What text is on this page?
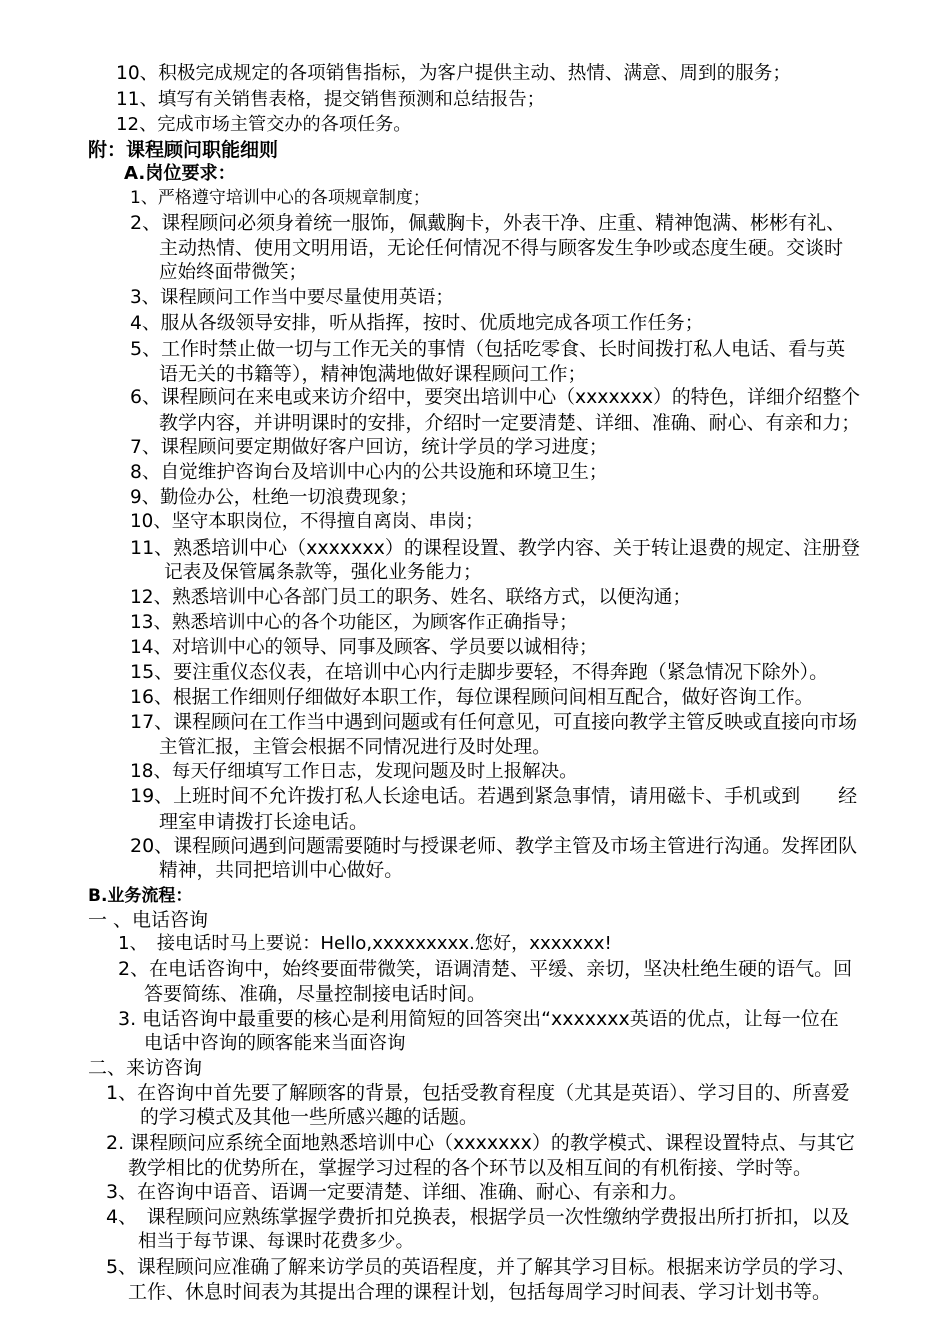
10、积极完成规定的各项销售指标，为客户提供主动、热情、满意、周到的服务；
11、填写有关销售表格，提交销售预测和总结报告；
12、完成市场主管交办的各项任务。
附：课程顾问职能细则
A.岗位要求：
1、严格遵守培训中心的各项规章制度；
2、课程顾问必须身着统一服饰，佩戴胸卡，外表干净、庄重、精神饱满、彬彬有礼、
主动热情、使用文明用语，无论任何情况不得与顾客发生争吵或态度生硬。交谈时
应始终面带微笑；
3、课程顾问工作当中要尽量使用英语；
4、服从各级领导安排，听从指挥，按时、优质地完成各项工作任务；
5、工作时禁止做一切与工作无关的事情（包括吃零食、长时间拨打私人电话、看与英
语无关的书籍等），精神饱满地做好课程顾问工作；
6、课程顾问在来电或来访介绍中，要突出培训中心（xxxxxxx）的特色，详细介绍整个
教学内容，并讲明课时的安排，介绍时一定要清楚、详细、准确、耐心、有亲和力；
7、课程顾问要定期做好客户回访，统计学员的学习进度；
8、自觉维护咨询台及培训中心内的公共设施和环境卫生；
9、勤俭办公，杜绝一切浪费现象；
10、坚守本职岗位，不得擅自离岗、串岗；
11、熟悉培训中心（xxxxxxx）的课程设置、教学内容、关于转让退费的规定、注册登
记表及保管属条款等，强化业务能力；
12、熟悉培训中心各部门员工的职务、姓名、联络方式，以便沟通；
13、熟悉培训中心的各个功能区，为顾客作正确指导；
14、对培训中心的领导、同事及顾客、学员要以诚相待；
15、要注重仪态仪表，在培训中心内行走脚步要轻，不得奔跑（紧急情况下除外）。
16、根据工作细则仔细做好本职工作，每位课程顾问间相互配合，做好咨询工作。
17、课程顾问在工作当中遇到问题或有任何意见，可直接向教学主管反映或直接向市场
主管汇报，主管会根据不同情况进行及时处理。
18、每天仔细填写工作日志，发现问题及时上报解决。
19、上班时间不允许拨打私人长途电话。若遇到紧急事情，请用磁卡、手机或到　　经
理室申请拨打长途电话。
20、课程顾问遇到问题需要随时与授课老师、教学主管及市场主管进行沟通。发挥团队
精神，共同把培训中心做好。
B.业务流程：
一 、电话咨询
1、　接电话时马上要说：Hello,xxxxxxxxx.您好，xxxxxxx!
2、在电话咨询中，始终要面带微笑，语调清楚、平缓、亲切，坚决杜绝生硬的语气。回
答要简练、准确，尽量控制接电话时间。
3. 电话咨询中最重要的核心是利用简短的回答突出“xxxxxxx英语的优点，让每一位在
电话中咨询的顾客能来当面咨询
二、来访咨询
1、在咨询中首先要了解顾客的背景，包括受教育程度（尤其是英语）、学习目的、所喜爱
的学习模式及其他一些所感兴趣的话题。
2. 课程顾问应系统全面地熟悉培训中心（xxxxxxx）的教学模式、课程设置特点、与其它
教学相比的优势所在，掌握学习过程的各个环节以及相互间的有机衔接、学时等。
3、在咨询中语音、语调一定要清楚、详细、准确、耐心、有亲和力。
4、　课程顾问应熟练掌握学费折扣兑换表，根据学员一次性缴纳学费报出所打折扣，以及
相当于每节课、每课时花费多少。
5、课程顾问应准确了解来访学员的英语程度，并了解其学习目标。根据来访学员的学习、
工作、休息时间表为其提出合理的课程计划，包括每周学习时间表、学习计划书等。
